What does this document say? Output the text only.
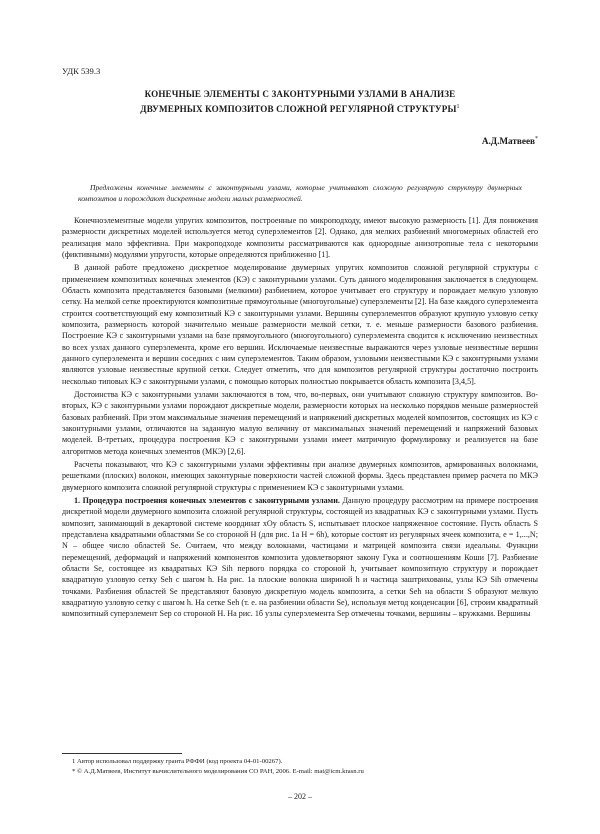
УДК 539.3
КОНЕЧНЫЕ ЭЛЕМЕНТЫ С ЗАКОНТУРНЫМИ УЗЛАМИ В АНАЛИЗЕ
ДВУМЕРНЫХ КОМПОЗИТОВ СЛОЖНОЙ РЕГУЛЯРНОЙ СТРУКТУРЫ$^1$
А.Д.Матвеев*
Предложены конечные элементы с законтурными узлами, которые учитывают сложную регулярную структуру двумерных композитов и порождают дискретные модели малых размерностей.

Конечноэлементные модели упругих композитов, построенные по микроподходу, имеют высокую размерность [1]. Для понижения размерности дискретных моделей используется метод суперэлементов [2]. Однако, для мелких разбиений многомерных областей его реализация мало эффективна. При макроподходе композиты рассматриваются как однородные анизотропные тела с некоторыми (фиктивными) модулями упругости, которые определяются приближенно [1].

В данной работе предложено дискретное моделирование двумерных упругих композитов сложной регулярной структуры с применением композитных конечных элементов (КЭ) с законтурными узлами. Суть данного моделирования заключается в следующем. Область композита представляется базовыми (мелкими) разбиением, которое учитывает его структуру и порождает мелкую узловую сетку. На мелкой сетке проектируются композитные прямоугольные (многоугольные) суперэлементы [2]. На базе каждого суперэлемента строится соответствующий ему композитный КЭ с законтурными узлами. Вершины суперэлементов образуют крупную узловую сетку композита, размерность которой значительно меньше размерности мелкой сетки, т. е. меньше размерности базового разбиения. Построение КЭ с законтурными узлами на базе прямоугольного (многоугольного) суперэлемента сводится к исключению неизвестных во всех узлах данного суперэлемента, кроме его вершин. Исключаемые неизвестные выражаются через узловые неизвестные вершин данного суперэлемента и вершин соседних с ним суперэлементов. Таким образом, узловыми неизвестными КЭ с законтурными узлами являются узловые неизвестные крупной сетки. Следует отметить, что для композитов регулярной структуры достаточно построить несколько типовых КЭ с законтурными узлами, с помощью которых полностью покрывается область композита [3,4,5].

Достоинства КЭ с законтурными узлами заключаются в том, что, во-первых, они учитывают сложную структуру композитов. Во-вторых, КЭ с законтурными узлами порождают дискретные модели, размерности которых на несколько порядков меньше размерностей базовых разбиений. При этом максимальные значения перемещений и напряжений дискретных моделей композитов, состоящих из КЭ с законтурными узлами, отличаются на заданную малую величину от максимальных значений перемещений и напряжений базовых моделей. В-третьих, процедура построения КЭ с законтурными узлами имеет матричную формулировку и реализуется на базе алгоритмов метода конечных элементов (МКЭ) [2,6].

Расчеты показывают, что КЭ с законтурными узлами эффективны при анализе двумерных композитов, армированных волокнами, решетками (плоских) волокон, имеющих законтурные поверхности частей сложной формы. Здесь представлен пример расчета по МКЭ двумерного композита сложной регулярной структуры с применением КЭ с законтурными узлами.

1. Процедура построения конечных элементов с законтурными узлами. Данную процедуру рассмотрим на примере построения дискретной модели двумерного композита сложной регулярной структуры, состоящей из квадратных КЭ с законтурными узлами. Пусть композит, занимающий в декартовой системе координат xOy область S, испытывает плоское напряженное состояние. Пусть область S представлена квадратными областями Se со стороной H (для рис. 1a H = 6h), которые состоят из регулярных ячеек композита, e = 1,...,N; N – общее число областей Se. Считаем, что между волокнами, частицами и матрицей композита связи идеальны. Функции перемещений, деформаций и напряжений компонентов композита удовлетворяют закону Гука и соотношениям Коши [7]. Разбиение области Se, состоящее из квадратных КЭ Sih первого порядка со стороной h, учитывает композитную структуру и порождает квадратную узловую сетку Seh с шагом h. На рис. 1a плоские волокна шириной h и частица заштрихованы, узлы КЭ Sih отмечены точками. Разбиения областей Se представляют базовую дискретную модель композита, а сетки Seh на области S образуют мелкую квадратную узловую сетку с шагом h. На сетке Seh (т. е. на разбиении области Se), используя метод конденсации [6], строим квадратный композитный суперэлемент Sep со стороной H. На рис. 1б узлы суперэлемента Sep отмечены точками, вершины – кружками. Вершины

1 Автор использовал поддержку гранта РФФИ (код проекта 04-01-00267).
* © А.Д.Матвеев, Институт вычислительного моделирования СО РАН, 2006. E-mail: mat@icm.krasn.ru
– 202 –
